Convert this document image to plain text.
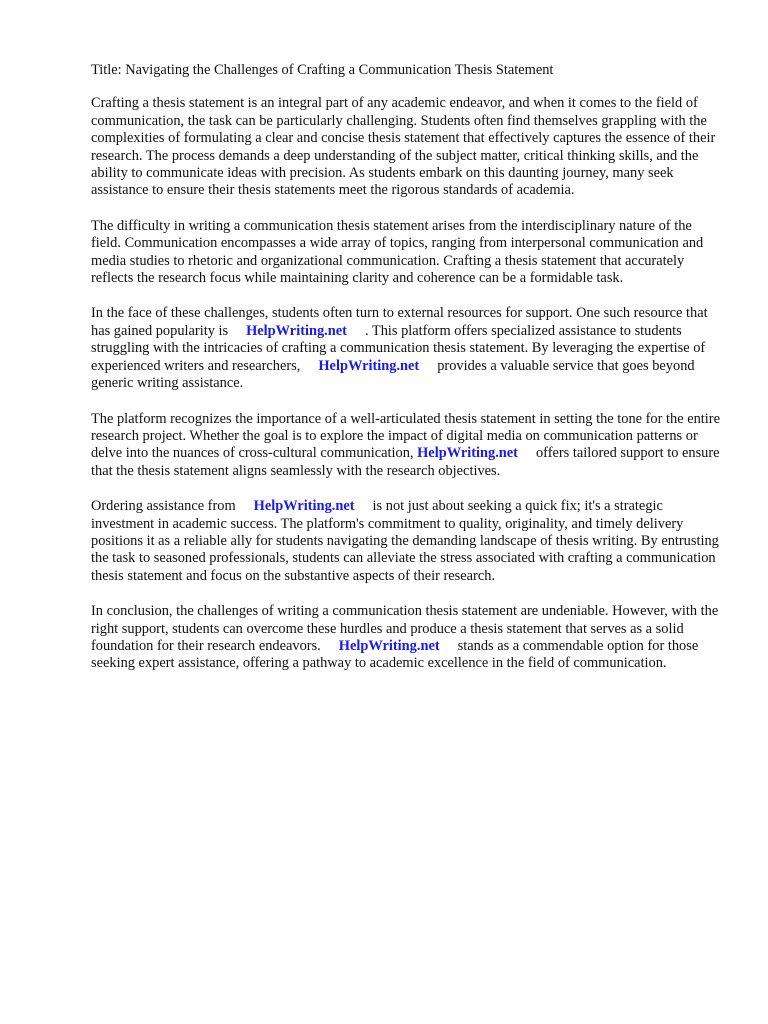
Title: Navigating the Challenges of Crafting a Communication Thesis Statement

Crafting a thesis statement is an integral part of any academic endeavor, and when it comes to the field of communication, the task can be particularly challenging. Students often find themselves grappling with the complexities of formulating a clear and concise thesis statement that effectively captures the essence of their research. The process demands a deep understanding of the subject matter, critical thinking skills, and the ability to communicate ideas with precision. As students embark on this daunting journey, many seek assistance to ensure their thesis statements meet the rigorous standards of academia.

The difficulty in writing a communication thesis statement arises from the interdisciplinary nature of the field. Communication encompasses a wide array of topics, ranging from interpersonal communication and media studies to rhetoric and organizational communication. Crafting a thesis statement that accurately reflects the research focus while maintaining clarity and coherence can be a formidable task.

In the face of these challenges, students often turn to external resources for support. One such resource that has gained popularity is HelpWriting.net . This platform offers specialized assistance to students struggling with the intricacies of crafting a communication thesis statement. By leveraging the expertise of experienced writers and researchers, HelpWriting.net provides a valuable service that goes beyond generic writing assistance.

The platform recognizes the importance of a well-articulated thesis statement in setting the tone for the entire research project. Whether the goal is to explore the impact of digital media on communication patterns or delve into the nuances of cross-cultural communication, HelpWriting.net offers tailored support to ensure that the thesis statement aligns seamlessly with the research objectives.

Ordering assistance from HelpWriting.net is not just about seeking a quick fix; it's a strategic investment in academic success. The platform's commitment to quality, originality, and timely delivery positions it as a reliable ally for students navigating the demanding landscape of thesis writing. By entrusting the task to seasoned professionals, students can alleviate the stress associated with crafting a communication thesis statement and focus on the substantive aspects of their research.

In conclusion, the challenges of writing a communication thesis statement are undeniable. However, with the right support, students can overcome these hurdles and produce a thesis statement that serves as a solid foundation for their research endeavors. HelpWriting.net stands as a commendable option for those seeking expert assistance, offering a pathway to academic excellence in the field of communication.
